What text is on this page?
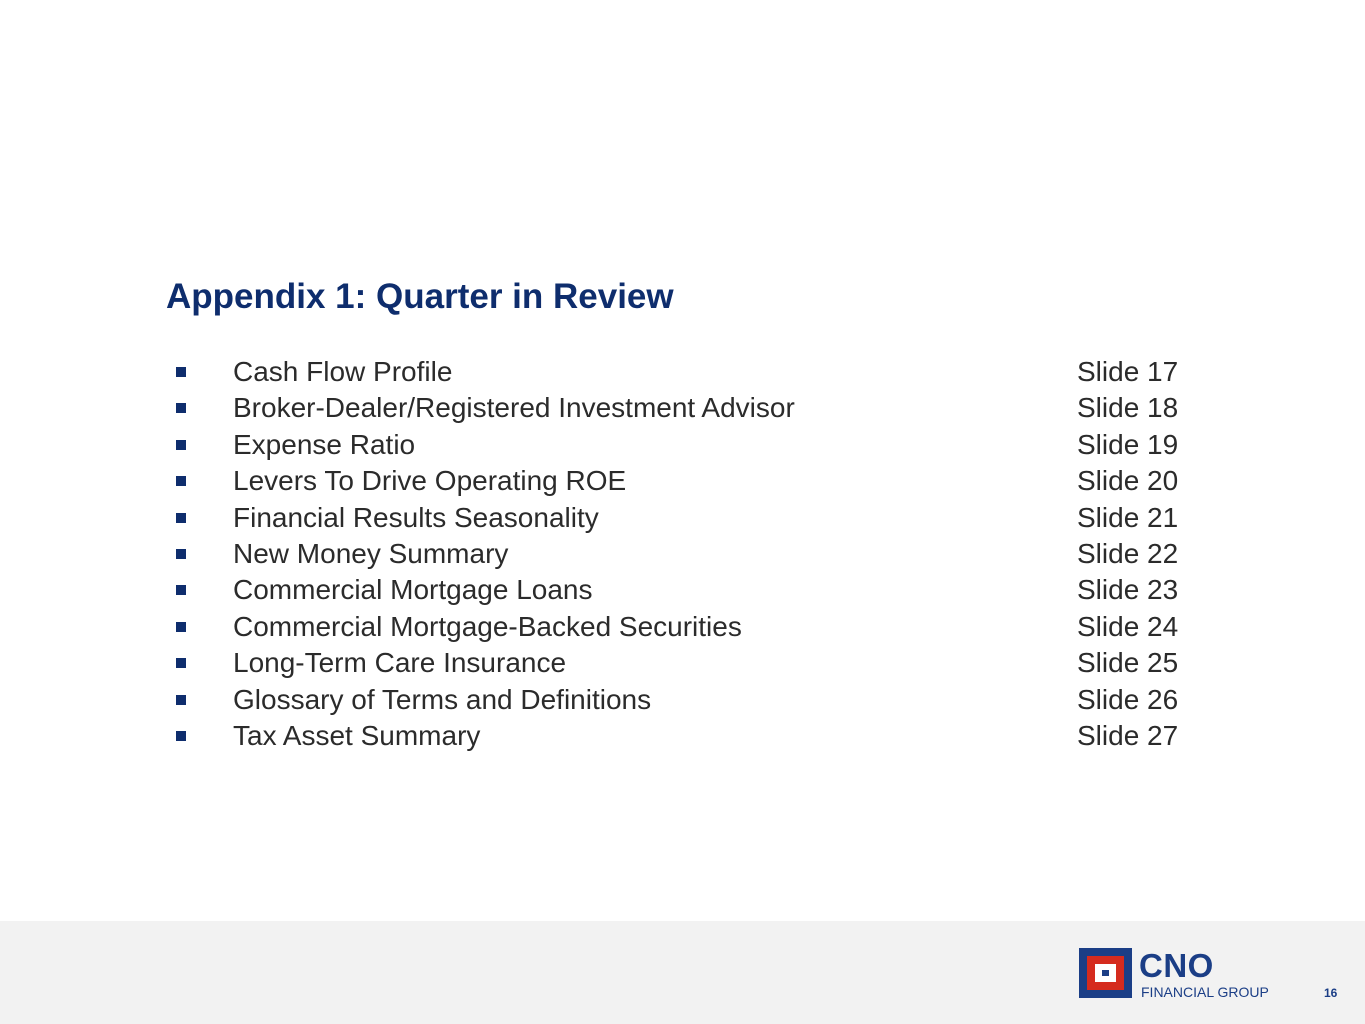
Appendix 1: Quarter in Review
Cash Flow Profile	Slide 17
Broker-Dealer/Registered Investment Advisor	Slide 18
Expense Ratio	Slide 19
Levers To Drive Operating ROE	Slide 20
Financial Results Seasonality	Slide 21
New Money Summary	Slide 22
Commercial Mortgage Loans	Slide 23
Commercial Mortgage-Backed Securities	Slide 24
Long-Term Care Insurance	Slide 25
Glossary of Terms and Definitions	Slide 26
Tax Asset Summary	Slide 27
CNO
FINANCIAL GROUP	16
